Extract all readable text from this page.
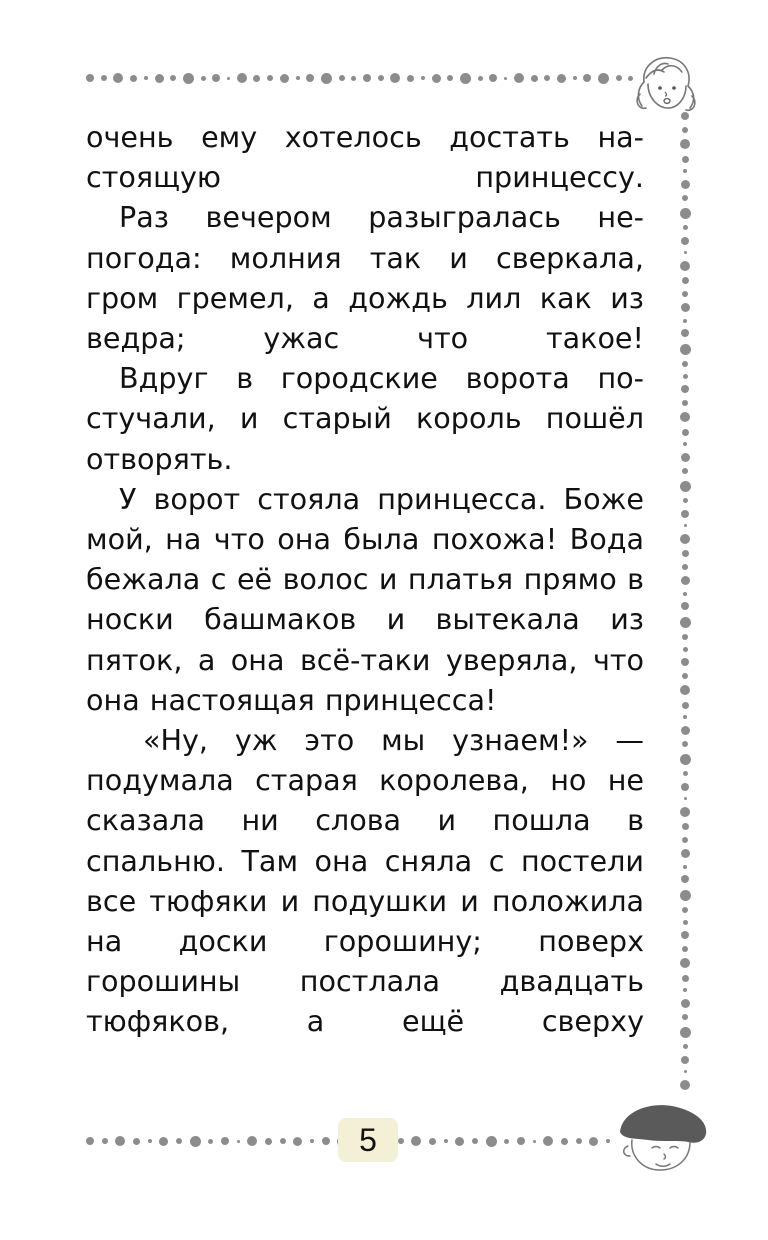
очень ему хотелось достать настоящую принцессу.

Раз вечером разыгралась непогода: молния так и сверкала, гром гремел, а дождь лил как из ведра; ужас что такое!

Вдруг в городские ворота постучали, и старый король пошёл отворять.

У ворот стояла принцесса. Боже мой, на что она была похожа! Вода бежала с её волос и платья прямо в носки башмаков и вытекала из пяток, а она всё-таки уверяла, что она настоящая принцесса!

«Ну, уж это мы узнаем!» — подумала старая королева, но не сказала ни слова и пошла в спальню. Там она сняла с постели все тюфяки и подушки и положила на доски горошину; поверх горошины постлала двадцать тюфяков, а ещё сверху

5
